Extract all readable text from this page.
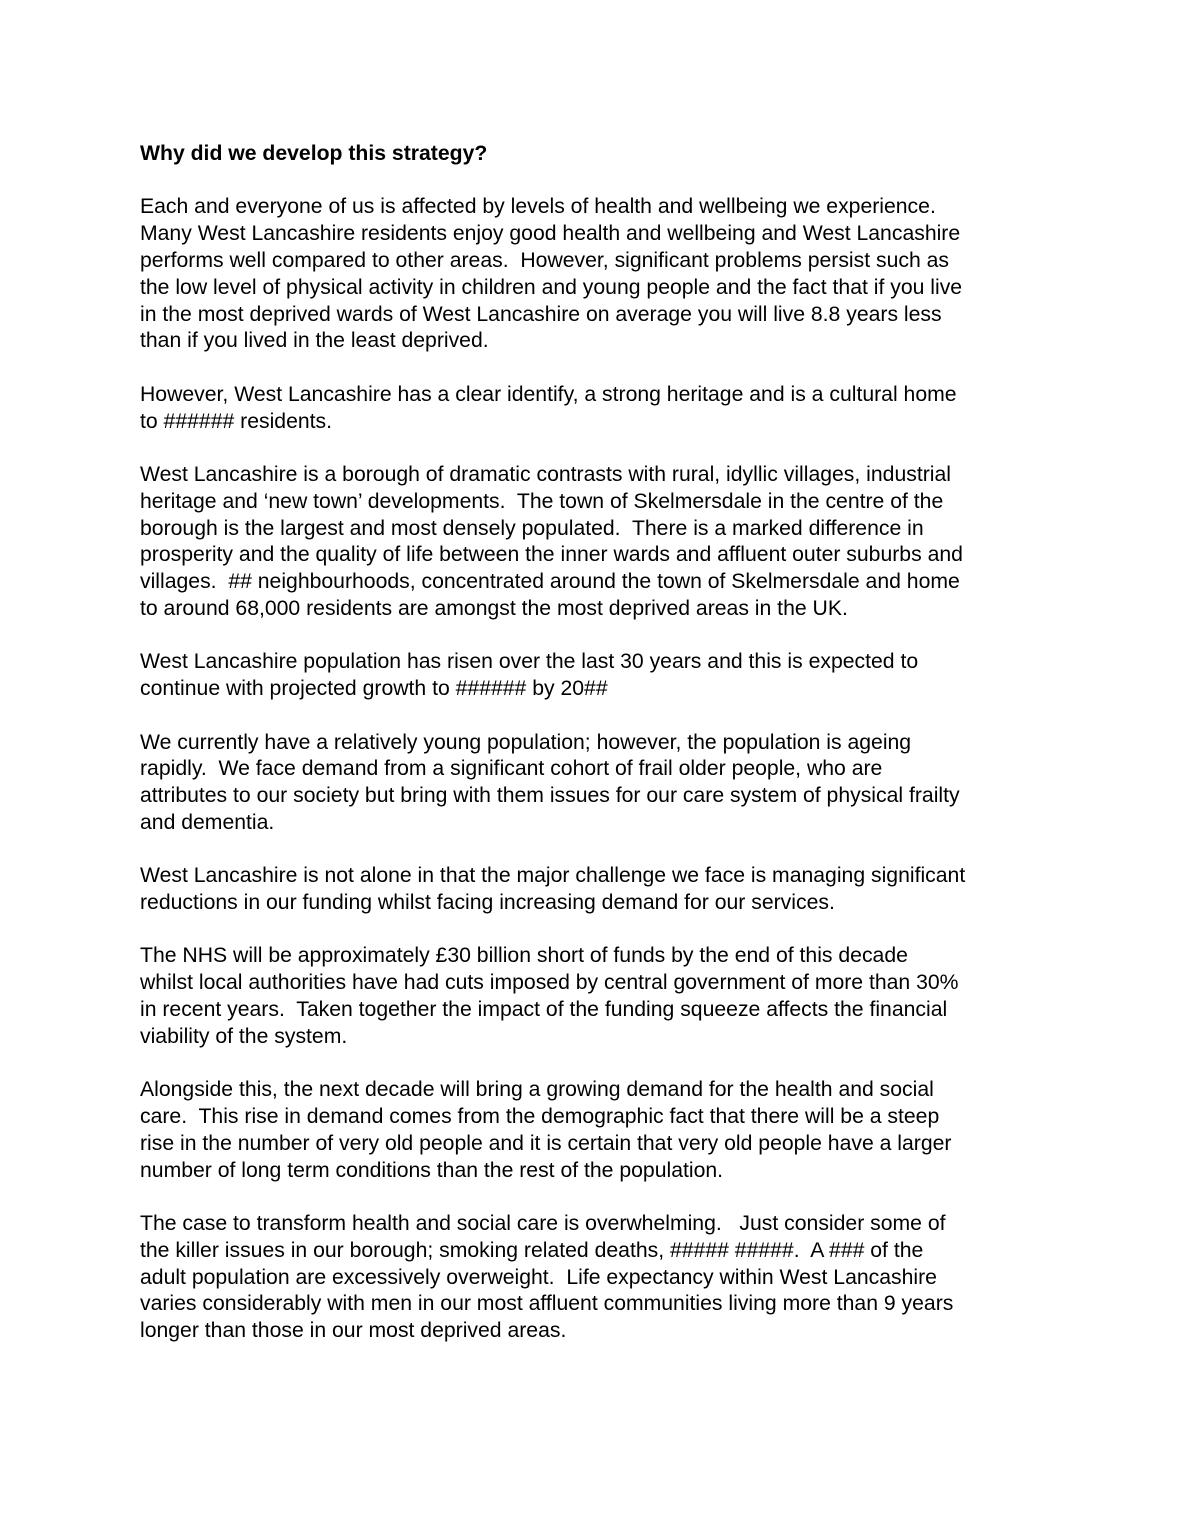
Why did we develop this strategy?
Each and everyone of us is affected by levels of health and wellbeing we experience.
Many West Lancashire residents enjoy good health and wellbeing and West Lancashire
performs well compared to other areas.  However, significant problems persist such as
the low level of physical activity in children and young people and the fact that if you live
in the most deprived wards of West Lancashire on average you will live 8.8 years less
than if you lived in the least deprived.
However, West Lancashire has a clear identify, a strong heritage and is a cultural home
to ###### residents.
West Lancashire is a borough of dramatic contrasts with rural, idyllic villages, industrial
heritage and ‘new town’ developments.  The town of Skelmersdale in the centre of the
borough is the largest and most densely populated.  There is a marked difference in
prosperity and the quality of life between the inner wards and affluent outer suburbs and
villages.  ## neighbourhoods, concentrated around the town of Skelmersdale and home
to around 68,000 residents are amongst the most deprived areas in the UK.
West Lancashire population has risen over the last 30 years and this is expected to
continue with projected growth to ###### by 20##
We currently have a relatively young population; however, the population is ageing
rapidly.  We face demand from a significant cohort of frail older people, who are
attributes to our society but bring with them issues for our care system of physical frailty
and dementia.
West Lancashire is not alone in that the major challenge we face is managing significant
reductions in our funding whilst facing increasing demand for our services.
The NHS will be approximately £30 billion short of funds by the end of this decade
whilst local authorities have had cuts imposed by central government of more than 30%
in recent years.  Taken together the impact of the funding squeeze affects the financial
viability of the system.
Alongside this, the next decade will bring a growing demand for the health and social
care.  This rise in demand comes from the demographic fact that there will be a steep
rise in the number of very old people and it is certain that very old people have a larger
number of long term conditions than the rest of the population.
The case to transform health and social care is overwhelming.   Just consider some of
the killer issues in our borough; smoking related deaths, ##### #####.  A ### of the
adult population are excessively overweight.  Life expectancy within West Lancashire
varies considerably with men in our most affluent communities living more than 9 years
longer than those in our most deprived areas.
